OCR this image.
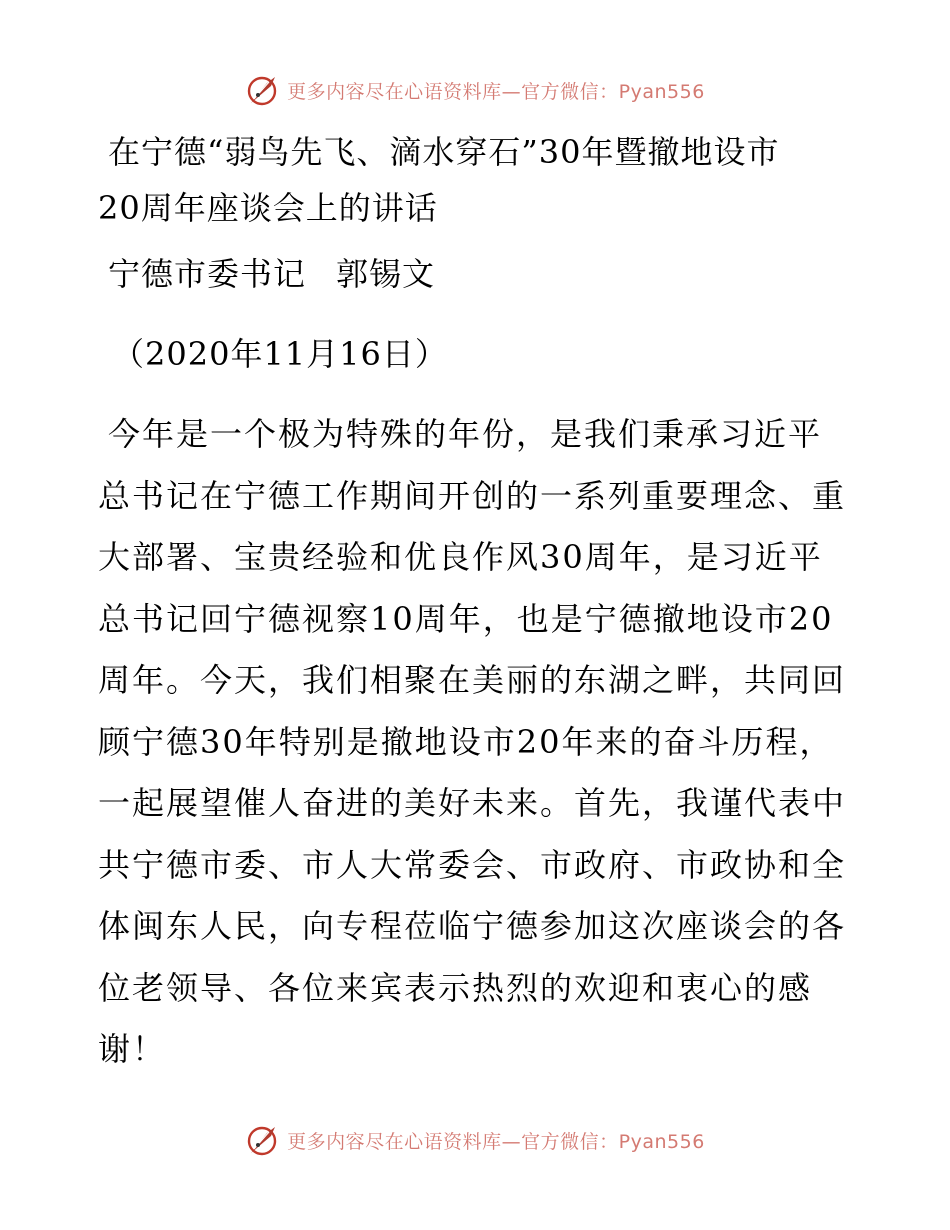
更多内容尽在心语资料库—官方微信：Pyan556
在宁德“弱鸟先飞、滴水穿石”30年暨撤地设市
20周年座谈会上的讲话
宁德市委书记 郭锡文
（2020年11月16日）
今年是一个极为特殊的年份，是我们秉承习近平
总书记在宁德工作期间开创的一系列重要理念、重
大部署、宝贵经验和优良作风30周年，是习近平
总书记回宁德视察10周年，也是宁德撤地设市20
周年。今天，我们相聚在美丽的东湖之畔，共同回
顾宁德30年特别是撤地设市20年来的奋斗历程，
一起展望催人奋进的美好未来。首先，我谨代表中
共宁德市委、市人大常委会、市政府、市政协和全
体闽东人民，向专程莅临宁德参加这次座谈会的各
位老领导、各位来宾表示热烈的欢迎和衷心的感
谢！
更多内容尽在心语资料库—官方微信：Pyan556
